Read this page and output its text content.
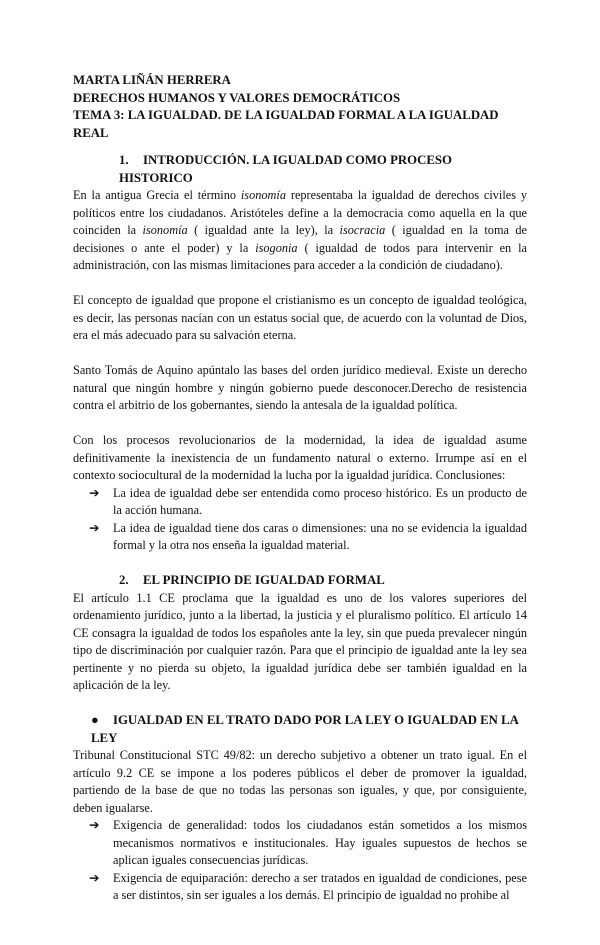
MARTA LIÑÁN HERRERA
DERECHOS HUMANOS Y VALORES DEMOCRÁTICOS
TEMA 3: LA IGUALDAD. DE LA IGUALDAD FORMAL A LA IGUALDAD REAL
1. INTRODUCCIÓN. LA IGUALDAD COMO PROCESO HISTORICO
En la antigua Grecia el término isonomía representaba la igualdad de derechos civiles y políticos entre los ciudadanos. Aristóteles define a la democracia como aquella en la que coinciden la isonomía ( igualdad ante la ley), la isocracia ( igualdad en la toma de decisiones o ante el poder) y la isogonia ( igualdad de todos para intervenir en la administración, con las mismas limitaciones para acceder a la condición de ciudadano).
El concepto de igualdad que propone el cristianismo es un concepto de igualdad teológica, es decir, las personas nacían con un estatus social que, de acuerdo con la voluntad de Dios, era el más adecuado para su salvación eterna.
Santo Tomás de Aquino apúntalo las bases del orden jurídico medieval. Existe un derecho natural que ningún hombre y ningún gobierno puede desconocer.Derecho de resistencia contra el arbitrio de los gobernantes, siendo la antesala de la igualdad política.
Con los procesos revolucionarios de la modernidad, la idea de igualdad asume definitivamente la inexistencia de un fundamento natural o externo. Irrumpe así en el contexto sociocultural de la modernidad la lucha por la igualdad jurídica. Conclusiones:
➔ La idea de igualdad debe ser entendida como proceso histórico. Es un producto de la acción humana.
➔ La idea de igualdad tiene dos caras o dimensiones: una no se evidencia la igualdad formal y la otra nos enseña la igualdad material.
2. EL PRINCIPIO DE IGUALDAD FORMAL
El artículo 1.1 CE proclama que la igualdad es uno de los valores superiores del ordenamiento jurídico, junto a la libertad, la justicia y el pluralismo político. El artículo 14 CE consagra la igualdad de todos los españoles ante la ley, sin que pueda prevalecer ningún tipo de discriminación por cualquier razón. Para que el principio de igualdad ante la ley sea pertinente y no pierda su objeto, la igualdad jurídica debe ser también igualdad en la aplicación de la ley.
● IGUALDAD EN EL TRATO DADO POR LA LEY O IGUALDAD EN LA LEY
Tribunal Constitucional STC 49/82: un derecho subjetivo a obtener un trato igual. En el artículo 9.2 CE se impone a los poderes públicos el deber de promover la igualdad, partiendo de la base de que no todas las personas son iguales, y que, por consiguiente, deben igualarse.
➔ Exigencia de generalidad: todos los ciudadanos están sometidos a los mismos mecanismos normativos e institucionales. Hay iguales supuestos de hechos se aplican iguales consecuencias jurídicas.
➔ Exigencia de equiparación: derecho a ser tratados en igualdad de condiciones, pese a ser distintos, sin ser iguales a los demás. El principio de igualdad no prohibe al
